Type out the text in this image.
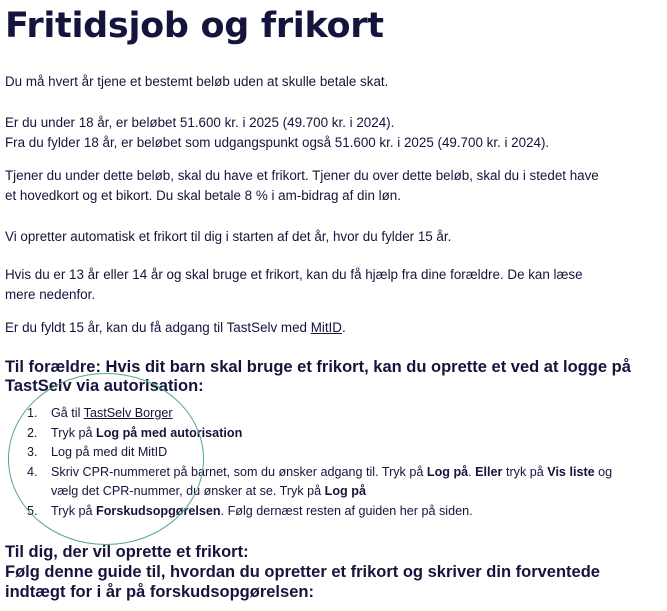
Fritidsjob og frikort

Du må hvert år tjene et bestemt beløb uden at skulle betale skat.

Er du under 18 år, er beløbet 51.600 kr. i 2025 (49.700 kr. i 2024).

Fra du fylder 18 år, er beløbet som udgangspunkt også 51.600 kr. i 2025 (49.700 kr. i 2024).

Tjener du under dette beløb, skal du have et frikort. Tjener du over dette beløb, skal du i stedet have

et hovedkort og et bikort. Du skal betale 8 % i am-bidrag af din løn.

Vi opretter automatisk et frikort til dig i starten af det år, hvor du fylder 15 år.

Hvis du er 13 år eller 14 år og skal bruge et frikort, kan du få hjælp fra dine forældre. De kan læse

mere nedenfor.

Er du fyldt 15 år, kan du få adgang til TastSelv med MitID.

Til forældre: Hvis dit barn skal bruge et frikort, kan du oprette et ved at logge på
TastSelv via autorisation:
1. Gå til TastSelv Borger
2. Tryk på Log på med autorisation
3. Log på med dit MitID
4. Skriv CPR-nummeret på barnet, som du ønsker adgang til. Tryk på Log på. Eller tryk på Vis liste og
vælg det CPR-nummer, du ønsker at se. Tryk på Log på
5. Tryk på Forskudsopgørelsen. Følg dernæst resten af guiden her på siden.
Til dig, der vil oprette et frikort:
Følg denne guide til, hvordan du opretter et frikort og skriver din forventede
indtægt for i år på forskudsopgørelsen:
